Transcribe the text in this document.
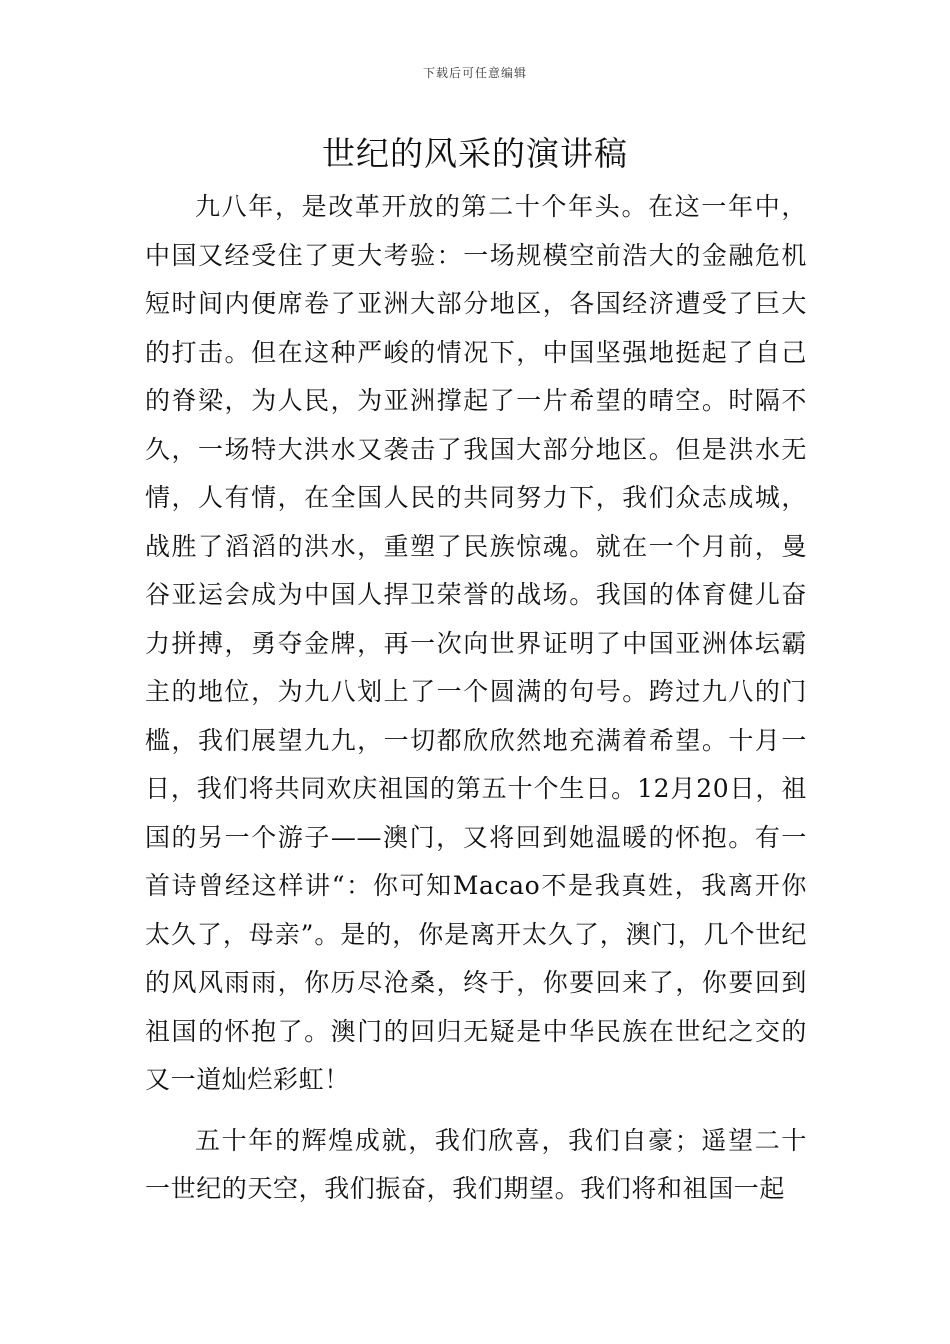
下载后可任意编辑
世纪的风采的演讲稿

九八年，是改革开放的第二十个年头。在这一年中，中国又经受住了更大考验：一场规模空前浩大的金融危机短时间内便席卷了亚洲大部分地区，各国经济遭受了巨大的打击。但在这种严峻的情况下，中国坚强地挺起了自己的脊梁，为人民，为亚洲撑起了一片希望的晴空。时隔不久，一场特大洪水又袭击了我国大部分地区。但是洪水无情，人有情，在全国人民的共同努力下，我们众志成城，战胜了滔滔的洪水，重塑了民族惊魂。就在一个月前，曼谷亚运会成为中国人捍卫荣誉的战场。我国的体育健儿奋力拼搏，勇夺金牌，再一次向世界证明了中国亚洲体坛霸主的地位，为九八划上了一个圆满的句号。跨过九八的门槛，我们展望九九，一切都欣欣然地充满着希望。十月一日，我们将共同欢庆祖国的第五十个生日。12月20日，祖国的另一个游子——澳门，又将回到她温暖的怀抱。有一首诗曾经这样讲“：你可知Macao不是我真姓，我离开你太久了，母亲”。是的，你是离开太久了，澳门，几个世纪的风风雨雨，你历尽沧桑，终于，你要回来了，你要回到祖国的怀抱了。澳门的回归无疑是中华民族在世纪之交的又一道灿烂彩虹！

五十年的辉煌成就，我们欣喜，我们自豪；遥望二十一世纪的天空，我们振奋，我们期望。我们将和祖国一起
